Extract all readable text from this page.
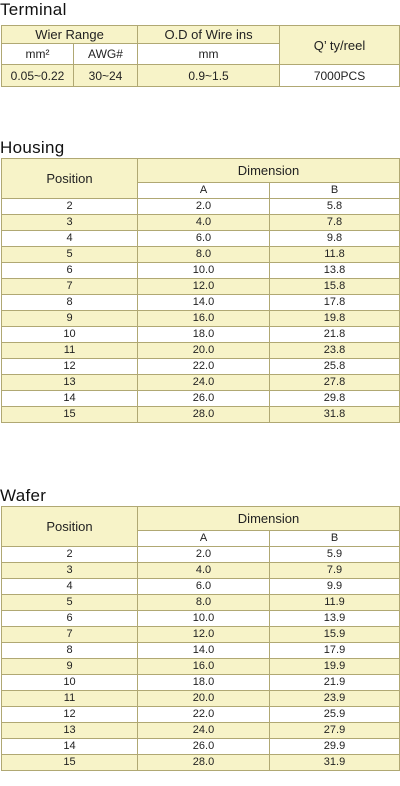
Terminal
Wier Range		O.D of Wire ins	Q’ ty/reel
mm²	AWG#	mm	
0.05~0.22	30~24	0.9~1.5	7000PCS
Housing
Position	Dimension	
	A	B
2	2.0	5.8
3	4.0	7.8
4	6.0	9.8
5	8.0	11.8
6	10.0	13.8
7	12.0	15.8
8	14.0	17.8
9	16.0	19.8
10	18.0	21.8
11	20.0	23.8
12	22.0	25.8
13	24.0	27.8
14	26.0	29.8
15	28.0	31.8
Wafer
Position	Dimension	
	A	B
2	2.0	5.9
3	4.0	7.9
4	6.0	9.9
5	8.0	11.9
6	10.0	13.9
7	12.0	15.9
8	14.0	17.9
9	16.0	19.9
10	18.0	21.9
11	20.0	23.9
12	22.0	25.9
13	24.0	27.9
14	26.0	29.9
15	28.0	31.9
